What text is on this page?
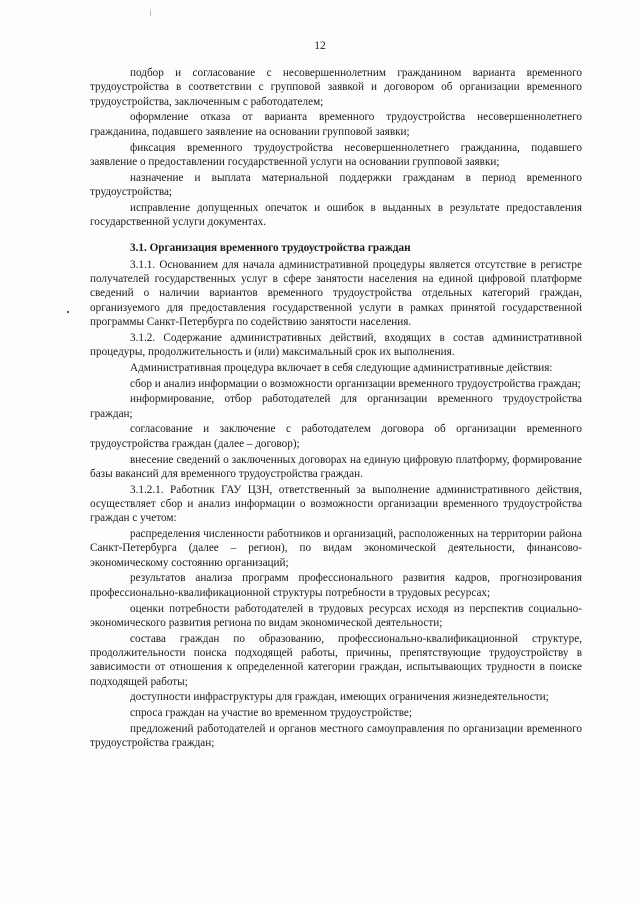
12

подбор и согласование с несовершеннолетним гражданином варианта временного трудоустройства в соответствии с групповой заявкой и договором об организации временного трудоустройства, заключенным с работодателем;

оформление отказа от варианта временного трудоустройства несовершеннолетнего гражданина, подавшего заявление на основании групповой заявки;

фиксация временного трудоустройства несовершеннолетнего гражданина, подавшего заявление о предоставлении государственной услуги на основании групповой заявки;

назначение и выплата материальной поддержки гражданам в период временного трудоустройства;

исправление допущенных опечаток и ошибок в выданных в результате предоставления государственной услуги документах.

3.1. Организация временного трудоустройства граждан

3.1.1. Основанием для начала административной процедуры является отсутствие в регистре получателей государственных услуг в сфере занятости населения на единой цифровой платформе сведений о наличии вариантов временного трудоустройства отдельных категорий граждан, организуемого для предоставления государственной услуги в рамках принятой государственной программы Санкт-Петербурга по содействию занятости населения.

3.1.2. Содержание административных действий, входящих в состав административной процедуры, продолжительность и (или) максимальный срок их выполнения.

Административная процедура включает в себя следующие административные действия:

сбор и анализ информации о возможности организации временного трудоустройства граждан;

информирование, отбор работодателей для организации временного трудоустройства граждан;

согласование и заключение с работодателем договора об организации временного трудоустройства граждан (далее – договор);

внесение сведений о заключенных договорах на единую цифровую платформу, формирование базы вакансий для временного трудоустройства граждан.

3.1.2.1. Работник ГАУ ЦЗН, ответственный за выполнение административного действия, осуществляет сбор и анализ информации о возможности организации временного трудоустройства граждан с учетом:

распределения численности работников и организаций, расположенных на территории района Санкт-Петербурга (далее – регион), по видам экономической деятельности, финансово-экономическому состоянию организаций;

результатов анализа программ профессионального развития кадров, прогнозирования профессионально-квалификационной структуры потребности в трудовых ресурсах;

оценки потребности работодателей в трудовых ресурсах исходя из перспектив социально-экономического развития региона по видам экономической деятельности;

состава граждан по образованию, профессионально-квалификационной структуре, продолжительности поиска подходящей работы, причины, препятствующие трудоустройству в зависимости от отношения к определенной категории граждан, испытывающих трудности в поиске подходящей работы;

доступности инфраструктуры для граждан, имеющих ограничения жизнедеятельности;

спроса граждан на участие во временном трудоустройстве;

предложений работодателей и органов местного самоуправления по организации временного трудоустройства граждан;
